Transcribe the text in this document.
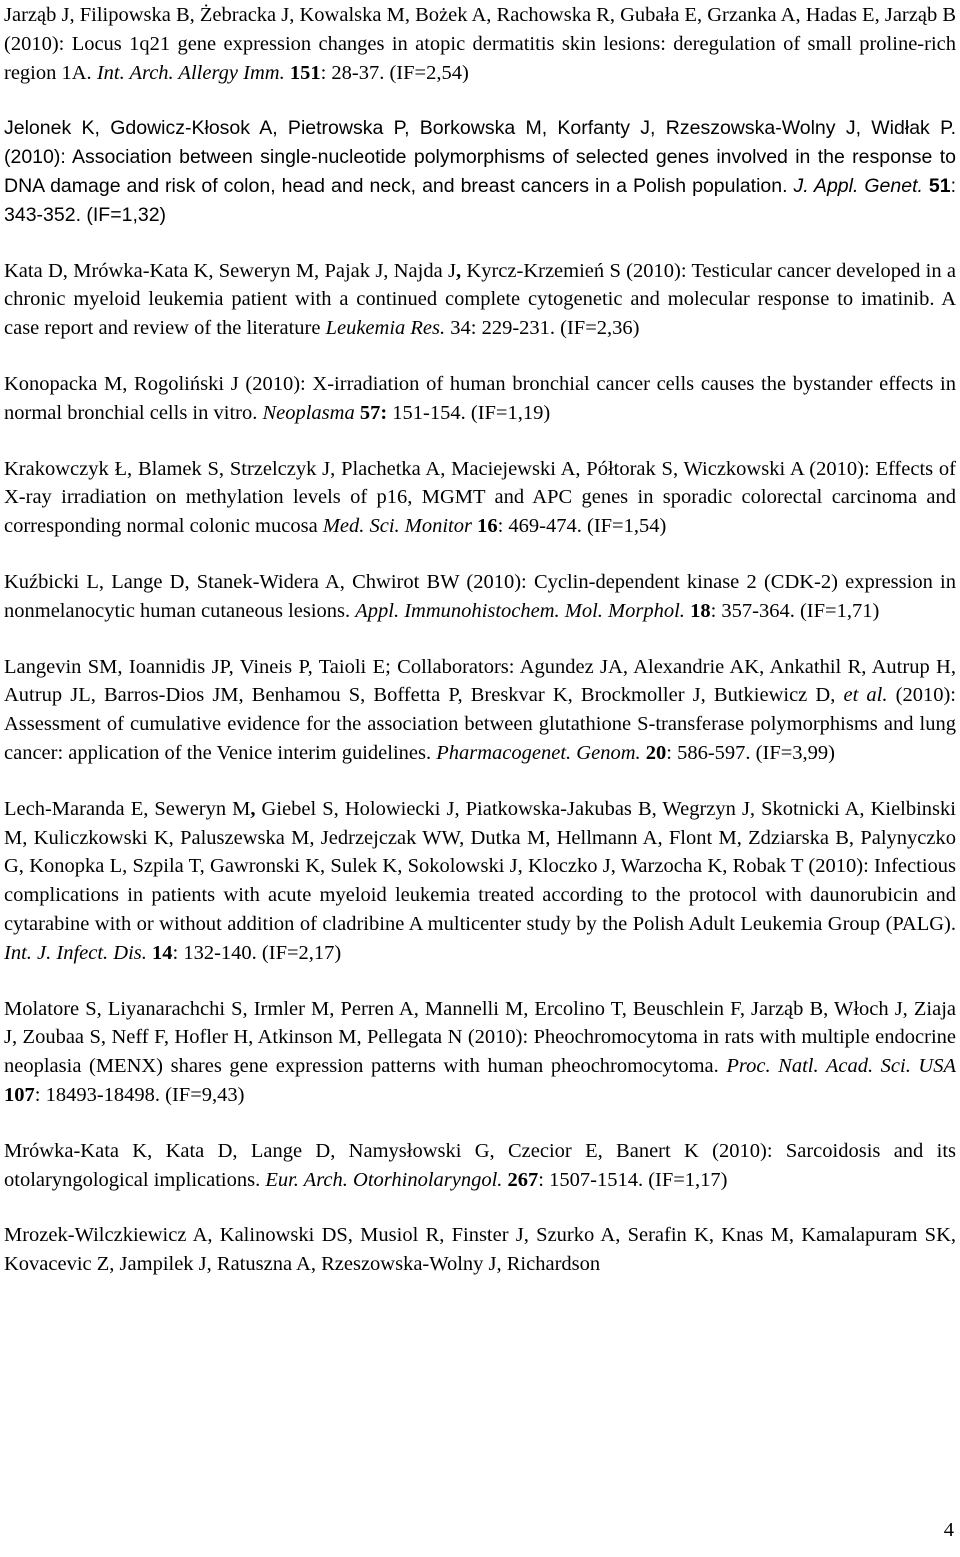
Jarząb J, Filipowska B, Żebracka J, Kowalska M, Bożek A, Rachowska R, Gubała E, Grzanka A, Hadas E, Jarząb B (2010): Locus 1q21 gene expression changes in atopic dermatitis skin lesions: deregulation of small proline-rich region 1A. Int. Arch. Allergy Imm. 151: 28-37. (IF=2,54)

Jelonek K, Gdowicz-Kłosok A, Pietrowska P, Borkowska M, Korfanty J, Rzeszowska-Wolny J, Widłak P. (2010): Association between single-nucleotide polymorphisms of selected genes involved in the response to DNA damage and risk of colon, head and neck, and breast cancers in a Polish population. J. Appl. Genet. 51: 343-352. (IF=1,32)

Kata D, Mrówka-Kata K, Seweryn M, Pajak J, Najda J, Kyrcz-Krzemień S (2010): Testicular cancer developed in a chronic myeloid leukemia patient with a continued complete cytogenetic and molecular response to imatinib. A case report and review of the literature Leukemia Res. 34: 229-231. (IF=2,36)

Konopacka M, Rogoliński J (2010): X-irradiation of human bronchial cancer cells causes the bystander effects in normal bronchial cells in vitro. Neoplasma 57: 151-154. (IF=1,19)

Krakowczyk Ł, Blamek S, Strzelczyk J, Plachetka A, Maciejewski A, Półtorak S, Wiczkowski A (2010): Effects of X-ray irradiation on methylation levels of p16, MGMT and APC genes in sporadic colorectal carcinoma and corresponding normal colonic mucosa Med. Sci. Monitor 16: 469-474. (IF=1,54)

Kuźbicki L, Lange D, Stanek-Widera A, Chwirot BW (2010): Cyclin-dependent kinase 2 (CDK-2) expression in nonmelanocytic human cutaneous lesions. Appl. Immunohistochem. Mol. Morphol. 18: 357-364. (IF=1,71)

Langevin SM, Ioannidis JP, Vineis P, Taioli E; Collaborators: Agundez JA, Alexandrie AK, Ankathil R, Autrup H, Autrup JL, Barros-Dios JM, Benhamou S, Boffetta P, Breskvar K, Brockmoller J, Butkiewicz D, et al. (2010): Assessment of cumulative evidence for the association between glutathione S-transferase polymorphisms and lung cancer: application of the Venice interim guidelines. Pharmacogenet. Genom. 20: 586-597. (IF=3,99)

Lech-Maranda E, Seweryn M, Giebel S, Holowiecki J, Piatkowska-Jakubas B, Wegrzyn J, Skotnicki A, Kielbinski M, Kuliczkowski K, Paluszewska M, Jedrzejczak WW, Dutka M, Hellmann A, Flont M, Zdziarska B, Palynyczko G, Konopka L, Szpila T, Gawronski K, Sulek K, Sokolowski J, Kloczko J, Warzocha K, Robak T (2010): Infectious complications in patients with acute myeloid leukemia treated according to the protocol with daunorubicin and cytarabine with or without addition of cladribine A multicenter study by the Polish Adult Leukemia Group (PALG). Int. J. Infect. Dis. 14: 132-140. (IF=2,17)

Molatore S, Liyanarachchi S, Irmler M, Perren A, Mannelli M, Ercolino T, Beuschlein F, Jarząb B, Włoch J, Ziaja J, Zoubaa S, Neff F, Hofler H, Atkinson M, Pellegata N (2010): Pheochromocytoma in rats with multiple endocrine neoplasia (MENX) shares gene expression patterns with human pheochromocytoma. Proc. Natl. Acad. Sci. USA 107: 18493-18498. (IF=9,43)

Mrówka-Kata K, Kata D, Lange D, Namysłowski G, Czecior E, Banert K (2010): Sarcoidosis and its otolaryngological implications. Eur. Arch. Otorhinolaryngol. 267: 1507-1514. (IF=1,17)

Mrozek-Wilczkiewicz A, Kalinowski DS, Musiol R, Finster J, Szurko A, Serafin K, Knas M, Kamalapuram SK, Kovacevic Z, Jampilek J, Ratuszna A, Rzeszowska-Wolny J, Richardson

4
